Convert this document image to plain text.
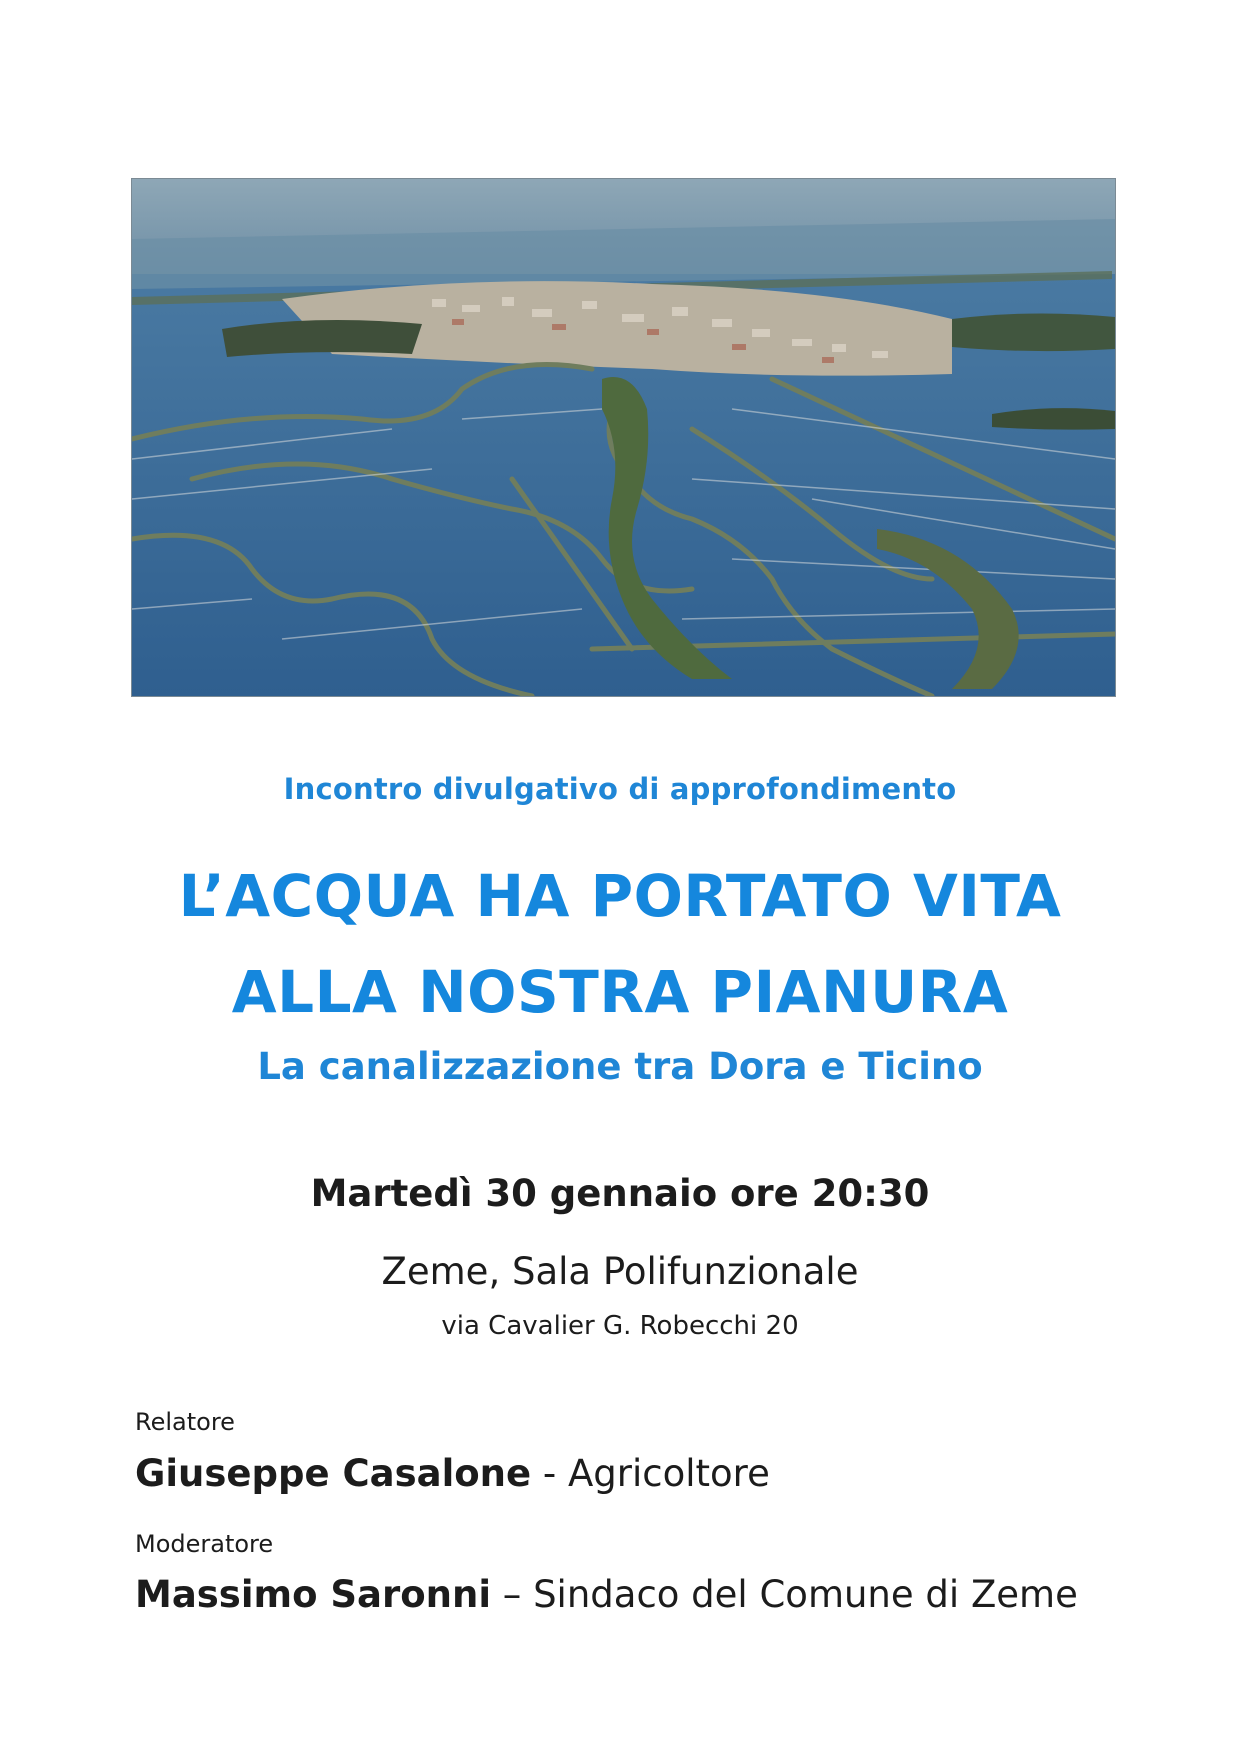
Incontro divulgativo di approfondimento
L’ACQUA HA PORTATO VITA
ALLA NOSTRA PIANURA
La canalizzazione tra Dora e Ticino
Martedì 30 gennaio ore 20:30
Zeme, Sala Polifunzionale
via Cavalier G. Robecchi 20
Relatore
Giuseppe Casalone - Agricoltore
Moderatore
Massimo Saronni – Sindaco del Comune di Zeme
